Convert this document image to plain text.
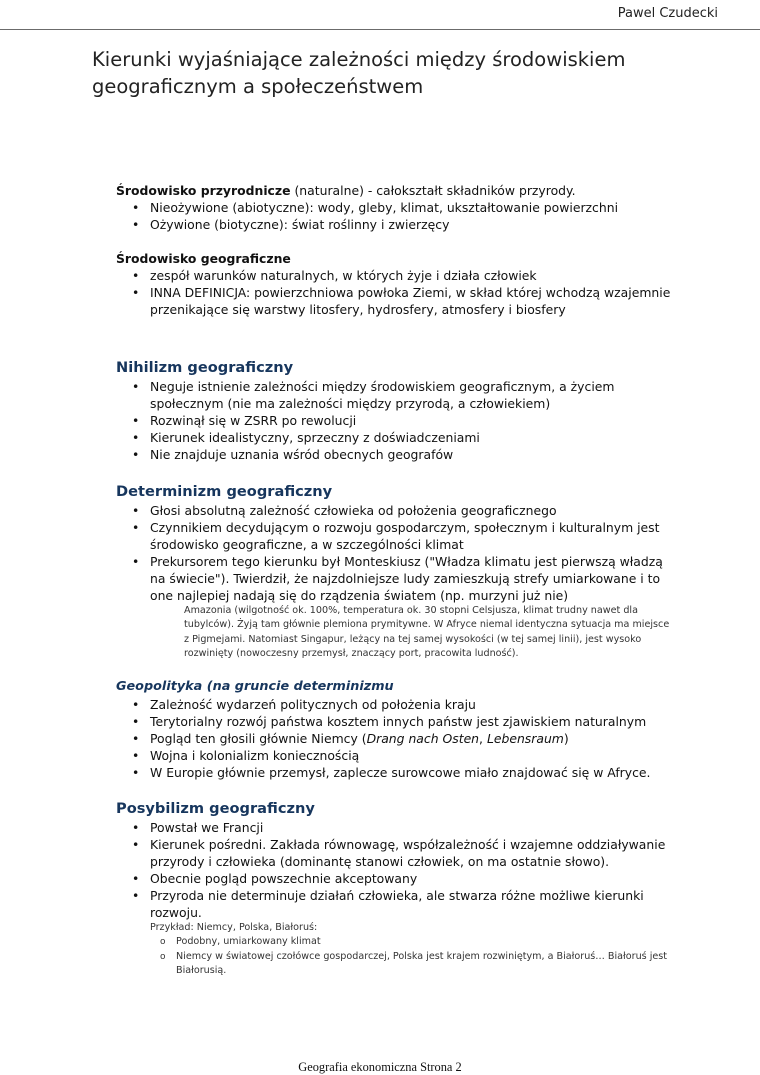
Pawel Czudecki
Kierunki wyjaśniające zależności między środowiskiem geograficznym a społeczeństwem

Środowisko przyrodnicze (naturalne) - całokształt składników przyrody.

• Nieożywione (abiotyczne): wody, gleby, klimat, ukształtowanie powierzchni
• Ożywione (biotyczne): świat roślinny i zwierzęcy

Środowisko geograficzne

• zespół warunków naturalnych, w których żyje i działa człowiek
• INNA DEFINICJA: powierzchniowa powłoka Ziemi, w skład której wchodzą wzajemnie przenikające się warstwy litosfery, hydrosfery, atmosfery i biosfery
Nihilizm geograficzny
• Neguje istnienie zależności między środowiskiem geograficznym, a życiem społecznym (nie ma zależności między przyrodą, a człowiekiem)
• Rozwinął się w ZSRR po rewolucji
• Kierunek idealistyczny, sprzeczny z doświadczeniami
• Nie znajduje uznania wśród obecnych geografów
Determinizm geograficzny
• Głosi absolutną zależność człowieka od położenia geograficznego
• Czynnikiem decydującym o rozwoju gospodarczym, społecznym i kulturalnym jest środowisko geograficzne, a w szczególności klimat
• Prekursorem tego kierunku był Monteskiusz ("Władza klimatu jest pierwszą władzą na świecie"). Twierdził, że najzdolniejsze ludy zamieszkują strefy umiarkowane i to one najlepiej nadają się do rządzenia światem (np. murzyni już nie)

Amazonia (wilgotność ok. 100%, temperatura ok. 30 stopni Celsjusza, klimat trudny nawet dla tubylców). Żyją tam głównie plemiona prymitywne. W Afryce niemal identyczna sytuacja ma miejsce z Pigmejami. Natomiast Singapur, leżący na tej samej wysokości (w tej samej linii), jest wysoko rozwinięty (nowoczesny przemysł, znaczący port, pracowita ludność).

Geopolityka (na gruncie determinizmu
• Zależność wydarzeń politycznych od położenia kraju
• Terytorialny rozwój państwa kosztem innych państw jest zjawiskiem naturalnym
• Pogląd ten głosili głównie Niemcy (Drang nach Osten, Lebensraum)
• Wojna i kolonializm koniecznością
• W Europie głównie przemysł, zaplecze surowcowe miało znajdować się w Afryce.
Posybilizm geograficzny
• Powstał we Francji
• Kierunek pośredni. Zakłada równowagę, współzależność i wzajemne oddziaływanie przyrody i człowieka (dominantę stanowi człowiek, on ma ostatnie słowo).
• Obecnie pogląd powszechnie akceptowany
• Przyroda nie determinuje działań człowieka, ale stwarza różne możliwe kierunki rozwoju.

Przykład: Niemcy, Polska, Białoruś:

o Podobny, umiarkowany klimat
o Niemcy w światowej czołówce gospodarczej, Polska jest krajem rozwiniętym, a Białoruś… Białoruś jest Białorusią.
Geografia ekonomiczna Strona 2
